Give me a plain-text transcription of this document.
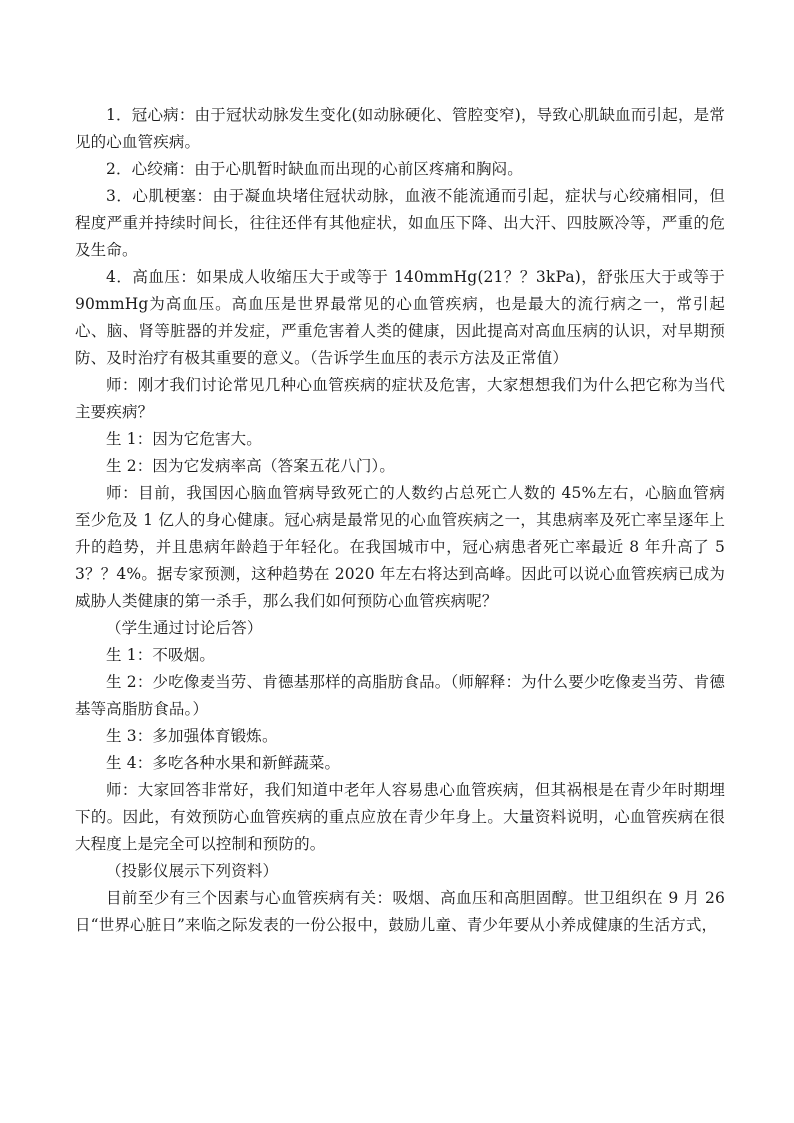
1．冠心病：由于冠状动脉发生变化(如动脉硬化、管腔变窄)，导致心肌缺血而引起，是常见的心血管疾病。

2．心绞痛：由于心肌暂时缺血而出现的心前区疼痛和胸闷。

3．心肌梗塞：由于凝血块堵住冠状动脉，血液不能流通而引起，症状与心绞痛相同，但程度严重并持续时间长，往往还伴有其他症状，如血压下降、出大汗、四肢厥冷等，严重的危及生命。

4．高血压：如果成人收缩压大于或等于 140mmHg(21？？3kPa)，舒张压大于或等于 90mmHg为高血压。高血压是世界最常见的心血管疾病，也是最大的流行病之一，常引起心、脑、肾等脏器的并发症，严重危害着人类的健康，因此提高对高血压病的认识，对早期预防、及时治疗有极其重要的意义。（告诉学生血压的表示方法及正常值）

师：刚才我们讨论常见几种心血管疾病的症状及危害，大家想想我们为什么把它称为当代主要疾病？

生 1：因为它危害大。

生 2：因为它发病率高（答案五花八门）。

师：目前，我国因心脑血管病导致死亡的人数约占总死亡人数的 45%左右，心脑血管病至少危及 1 亿人的身心健康。冠心病是最常见的心血管疾病之一，其患病率及死亡率呈逐年上升的趋势，并且患病年龄趋于年轻化。在我国城市中，冠心病患者死亡率最近 8 年升高了 53？？4%。据专家预测，这种趋势在 2020 年左右将达到高峰。因此可以说心血管疾病已成为威胁人类健康的第一杀手，那么我们如何预防心血管疾病呢？

（学生通过讨论后答）

生 1：不吸烟。

生 2：少吃像麦当劳、肯德基那样的高脂肪食品。（师解释：为什么要少吃像麦当劳、肯德基等高脂肪食品。）

生 3：多加强体育锻炼。

生 4：多吃各种水果和新鲜蔬菜。

师：大家回答非常好，我们知道中老年人容易患心血管疾病，但其祸根是在青少年时期埋下的。因此，有效预防心血管疾病的重点应放在青少年身上。大量资料说明，心血管疾病在很大程度上是完全可以控制和预防的。

（投影仪展示下列资料）

目前至少有三个因素与心血管疾病有关：吸烟、高血压和高胆固醇。世卫组织在 9 月 26日“世界心脏日”来临之际发表的一份公报中，鼓励儿童、青少年要从小养成健康的生活方式，
